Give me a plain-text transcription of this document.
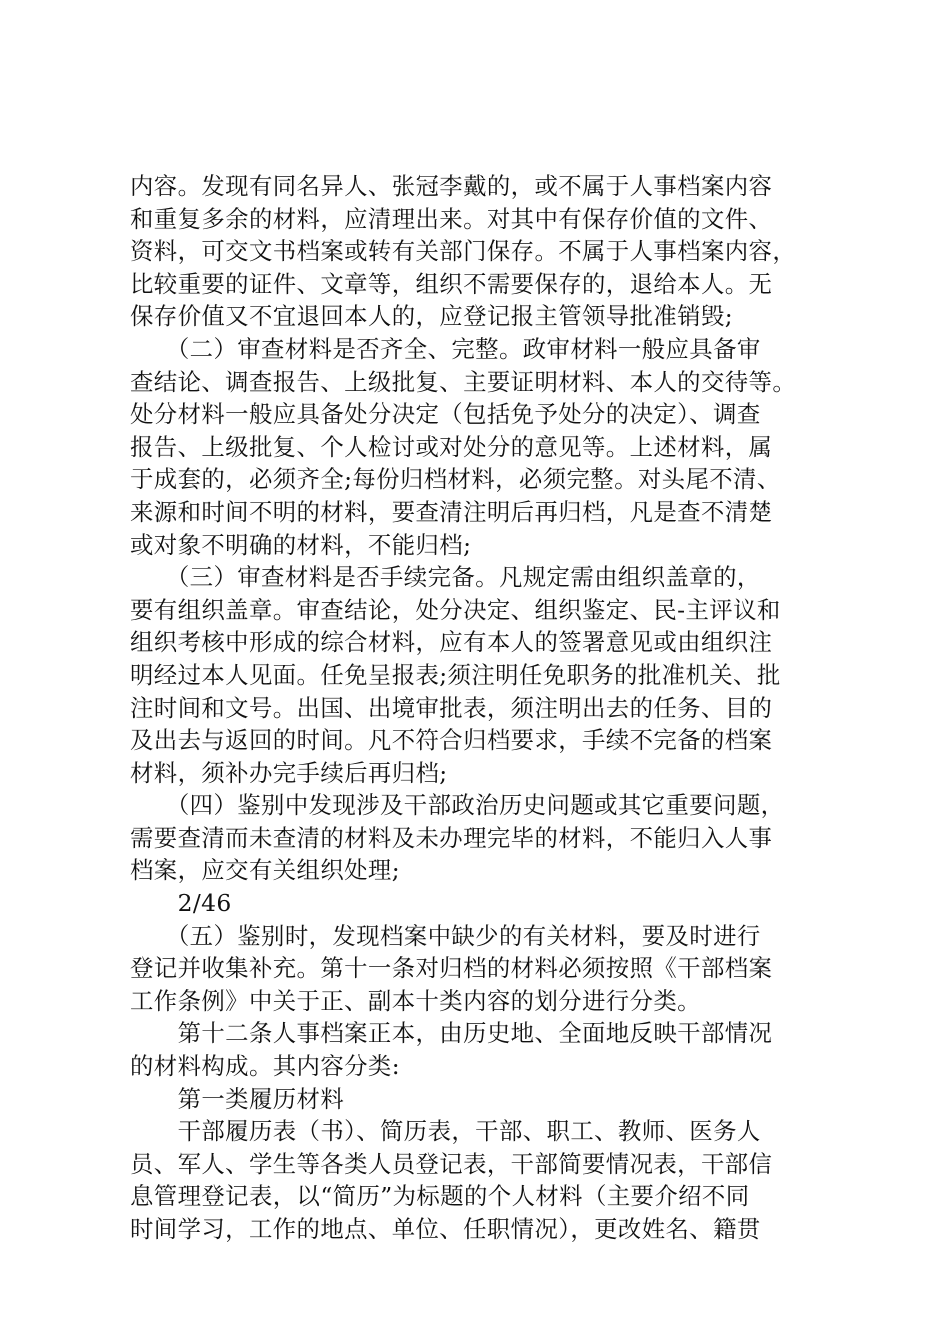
内容。发现有同名异人、张冠李戴的，或不属于人事档案内容
和重复多余的材料，应清理出来。对其中有保存价值的文件、
资料，可交文书档案或转有关部门保存。不属于人事档案内容，
比较重要的证件、文章等，组织不需要保存的，退给本人。无
保存价值又不宜退回本人的，应登记报主管领导批准销毁;
　　（二）审查材料是否齐全、完整。政审材料一般应具备审
查结论、调查报告、上级批复、主要证明材料、本人的交待等。
处分材料一般应具备处分决定（包括免予处分的决定）、调查
报告、上级批复、个人检讨或对处分的意见等。上述材料，属
于成套的，必须齐全;每份归档材料，必须完整。对头尾不清、
来源和时间不明的材料，要查清注明后再归档，凡是查不清楚
或对象不明确的材料，不能归档;
　　（三）审查材料是否手续完备。凡规定需由组织盖章的，
要有组织盖章。审查结论，处分决定、组织鉴定、民-主评议和
组织考核中形成的综合材料，应有本人的签署意见或由组织注
明经过本人见面。任免呈报表;须注明任免职务的批准机关、批
注时间和文号。出国、出境审批表，须注明出去的任务、目的
及出去与返回的时间。凡不符合归档要求，手续不完备的档案
材料，须补办完手续后再归档;
　　（四）鉴别中发现涉及干部政治历史问题或其它重要问题，
需要查清而未查清的材料及未办理完毕的材料，不能归入人事
档案，应交有关组织处理;
　　2/46
　　（五）鉴别时，发现档案中缺少的有关材料，要及时进行
登记并收集补充。第十一条对归档的材料必须按照《干部档案
工作条例》中关于正、副本十类内容的划分进行分类。
　　第十二条人事档案正本，由历史地、全面地反映干部情况
的材料构成。其内容分类:
　　第一类履历材料
　　干部履历表（书）、简历表，干部、职工、教师、医务人
员、军人、学生等各类人员登记表，干部简要情况表，干部信
息管理登记表，以“简历”为标题的个人材料（主要介绍不同
时间学习，工作的地点、单位、任职情况），更改姓名、籍贯
